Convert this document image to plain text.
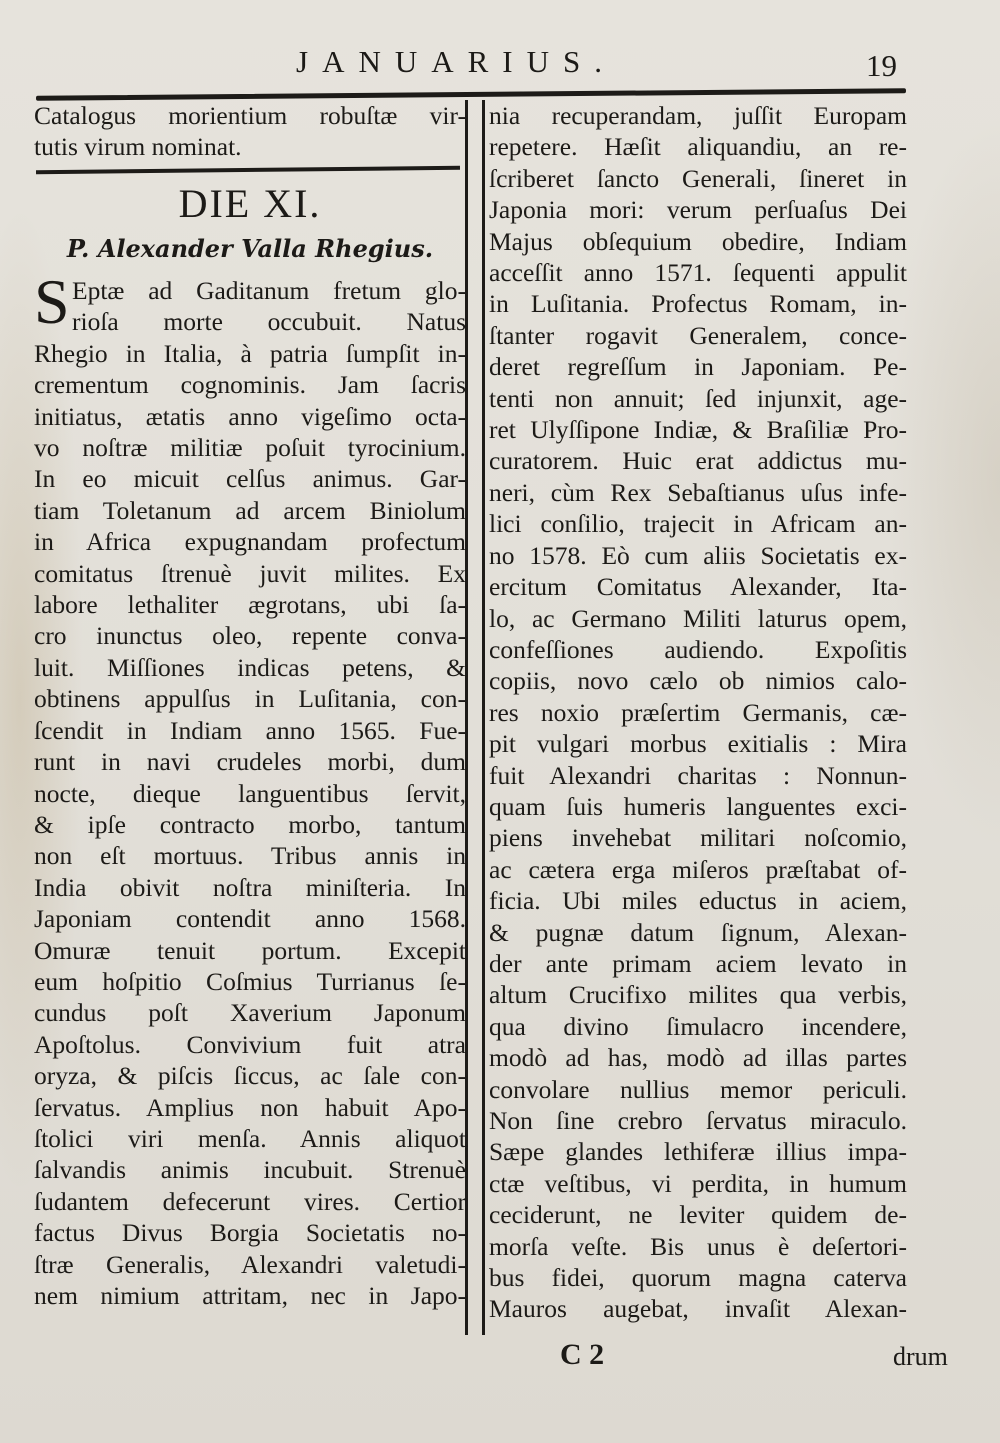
JANUARIUS.	19
Catalogus morientium robuſtæ vir-
tutis virum nominat.
DIE XI.
P. Alexander Valla Rhegius.
S Eptæ ad Gaditanum fretum glo-
rioſa morte occubuit. Natus
Rhegio in Italia, à patria ſumpſit in-
crementum cognominis. Jam ſacris
initiatus, ætatis anno vigeſimo octa-
vo noſtræ militiæ poſuit tyrocinium.
In eo micuit celſus animus. Gar-
tiam Toletanum ad arcem Biniolum
in Africa expugnandam profectum
comitatus ſtrenuè juvit milites. Ex
labore lethaliter ægrotans, ubi ſa-
cro inunctus oleo, repente conva-
luit. Miſſiones indicas petens, &
obtinens appulſus in Luſitania, con-
ſcendit in Indiam anno 1565. Fue-
runt in navi crudeles morbi, dum
nocte, dieque languentibus ſervit,
& ipſe contracto morbo, tantum
non eſt mortuus. Tribus annis in
India obivit noſtra miniſteria. In
Japoniam contendit anno 1568.
Omuræ tenuit portum. Excepit
eum hoſpitio Coſmius Turrianus ſe-
cundus poſt Xaverium Japonum
Apoſtolus. Convivium fuit atra
oryza, & piſcis ſiccus, ac ſale con-
ſervatus. Amplius non habuit Apo-
ſtolici viri menſa. Annis aliquot
ſalvandis animis incubuit. Strenuè
ſudantem defecerunt vires. Certior
factus Divus Borgia Societatis no-
ſtræ Generalis, Alexandri valetudi-
nem nimium attritam, nec in Japo-
nia recuperandam, juſſit Europam
repetere. Hæſit aliquandiu, an re-
ſcriberet ſancto Generali, ſineret in
Japonia mori: verum perſuaſus Dei
Majus obſequium obedire, Indiam
acceſſit anno 1571. ſequenti appulit
in Luſitania. Profectus Romam, in-
ſtanter rogavit Generalem, conce-
deret regreſſum in Japoniam. Pe-
tenti non annuit; ſed injunxit, age-
ret Ulyſſipone Indiæ, & Braſiliæ Pro-
curatorem. Huic erat addictus mu-
neri, cùm Rex Sebaſtianus uſus infe-
lici conſilio, trajecit in Africam an-
no 1578. Eò cum aliis Societatis ex-
ercitum Comitatus Alexander, Ita-
lo, ac Germano Militi laturus opem,
confeſſiones audiendo. Expoſitis
copiis, novo cælo ob nimios calo-
res noxio præſertim Germanis, cæ-
pit vulgari morbus exitialis : Mira
fuit Alexandri charitas : Nonnun-
quam ſuis humeris languentes exci-
piens invehebat militari noſcomio,
ac cætera erga miſeros præſtabat of-
ficia. Ubi miles eductus in aciem,
& pugnæ datum ſignum, Alexan-
der ante primam aciem levato in
altum Crucifixo milites qua verbis,
qua divino ſimulacro incendere,
modò ad has, modò ad illas partes
convolare nullius memor periculi.
Non ſine crebro ſervatus miraculo.
Sæpe glandes lethiferæ illius impa-
ctæ veſtibus, vi perdita, in humum
ceciderunt, ne leviter quidem de-
morſa veſte. Bis unus è deſertori-
bus fidei, quorum magna caterva
Mauros augebat, invaſit Alexan-
C 2	drum
